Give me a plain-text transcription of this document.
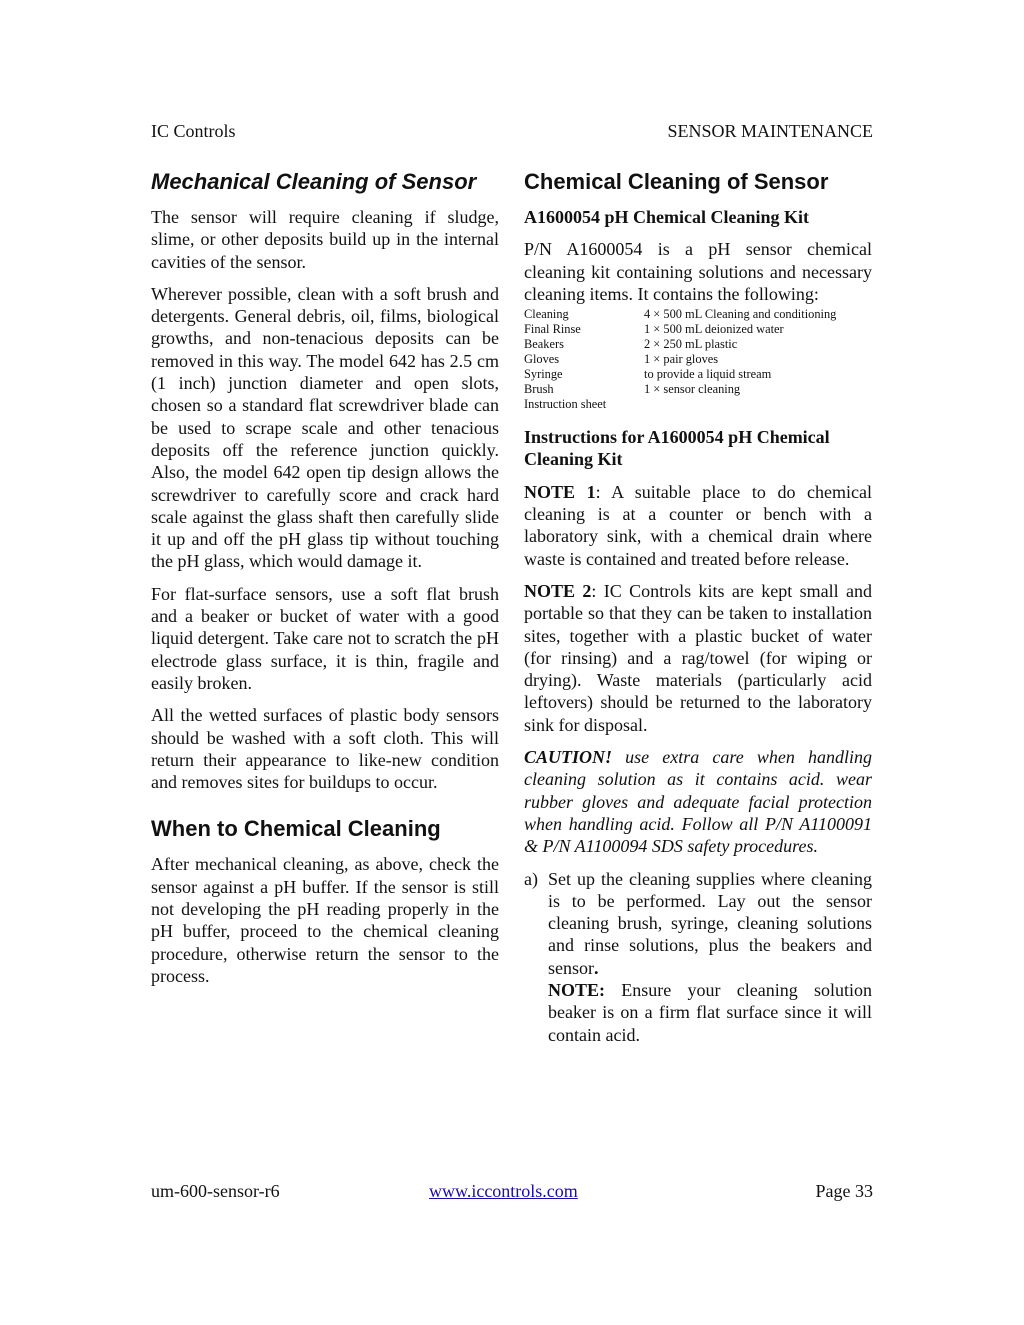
IC Controls	SENSOR MAINTENANCE
Mechanical Cleaning of Sensor

The sensor will require cleaning if sludge, slime, or other deposits build up in the internal cavities of the sensor.

Wherever possible, clean with a soft brush and detergents. General debris, oil, films, biological growths, and non-tenacious deposits can be removed in this way. The model 642 has 2.5 cm (1 inch) junction diameter and open slots, chosen so a standard flat screwdriver blade can be used to scrape scale and other tenacious deposits off the reference junction quickly. Also, the model 642 open tip design allows the screwdriver to carefully score and crack hard scale against the glass shaft then carefully slide it up and off the pH glass tip without touching the pH glass, which would damage it.

For flat-surface sensors, use a soft flat brush and a beaker or bucket of water with a good liquid detergent. Take care not to scratch the pH electrode glass surface, it is thin, fragile and easily broken.

All the wetted surfaces of plastic body sensors should be washed with a soft cloth. This will return their appearance to like-new condition and removes sites for buildups to occur.

When to Chemical Cleaning

After mechanical cleaning, as above, check the sensor against a pH buffer. If the sensor is still not developing the pH reading properly in the pH buffer, proceed to the chemical cleaning procedure, otherwise return the sensor to the process.

Chemical Cleaning of Sensor
A1600054 pH Chemical Cleaning Kit

P/N A1600054 is a pH sensor chemical cleaning kit containing solutions and necessary cleaning items. It contains the following:

Cleaning	4 × 500 mL Cleaning and conditioning
Final Rinse	1 × 500 mL deionized water
Beakers	2 × 250 mL plastic
Gloves	1 × pair gloves
Syringe	to provide a liquid stream
Brush	1 × sensor cleaning
Instruction sheet
Instructions for A1600054 pH Chemical Cleaning Kit

NOTE 1: A suitable place to do chemical cleaning is at a counter or bench with a laboratory sink, with a chemical drain where waste is contained and treated before release.

NOTE 2: IC Controls kits are kept small and portable so that they can be taken to installation sites, together with a plastic bucket of water (for rinsing) and a rag/towel (for wiping or drying). Waste materials (particularly acid leftovers) should be returned to the laboratory sink for disposal.

CAUTION! use extra care when handling cleaning solution as it contains acid. wear rubber gloves and adequate facial protection when handling acid. Follow all P/N A1100091 & P/N A1100094 SDS safety procedures.

a) Set up the cleaning supplies where cleaning is to be performed. Lay out the sensor cleaning brush, syringe, cleaning solutions and rinse solutions, plus the beakers and sensor.

NOTE: Ensure your cleaning solution beaker is on a firm flat surface since it will contain acid.

um-600-sensor-r6	www.iccontrols.com	Page 33
